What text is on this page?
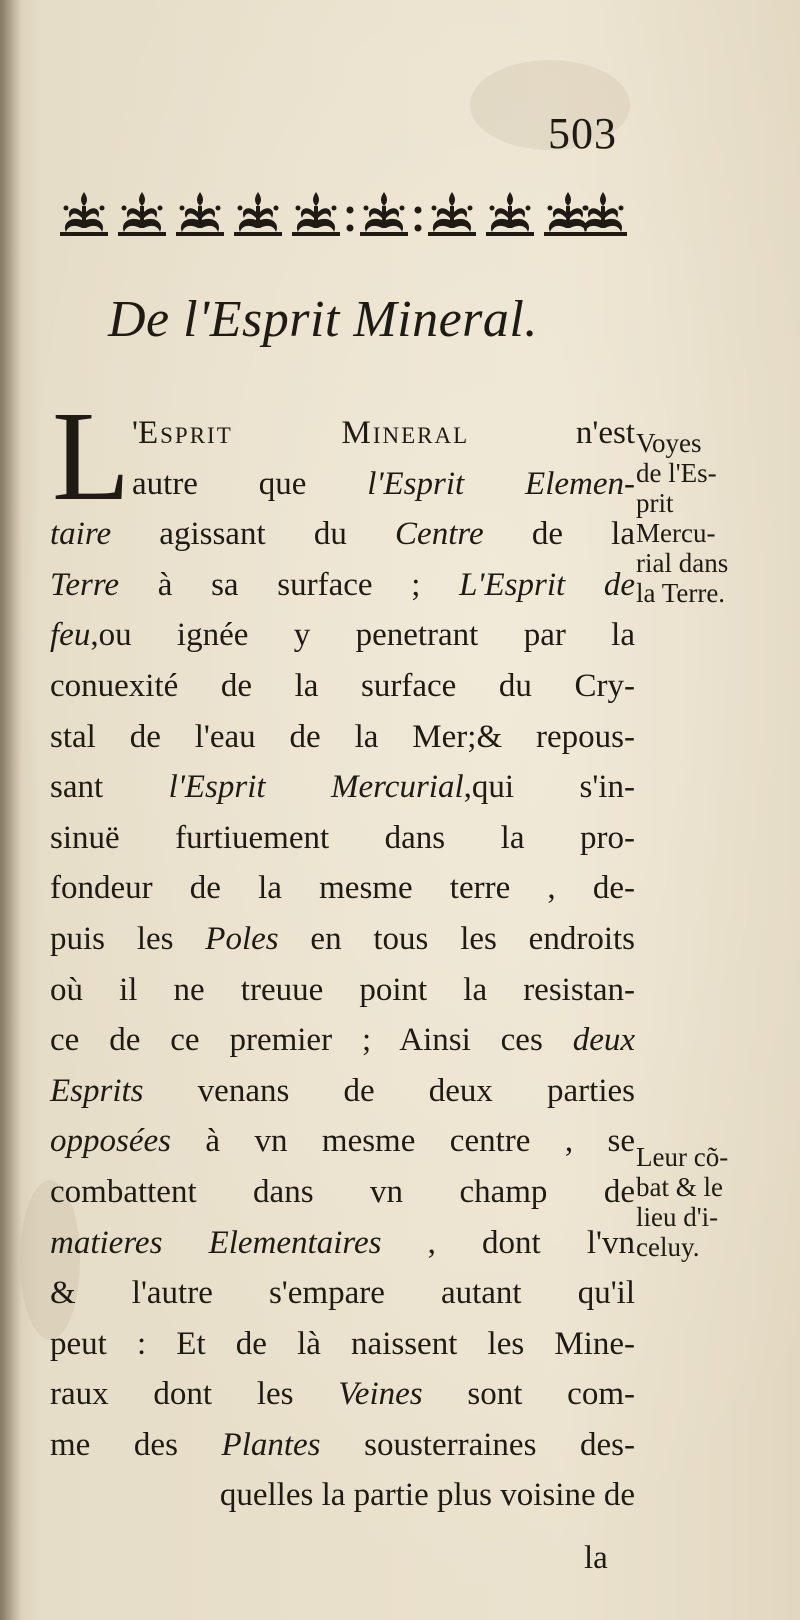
503
De l'Esprit Mineral.
L 'Esprit Mineral n'est
autre que l'Esprit Elemen-
taire agissant du Centre de la
Terre à sa surface ; L'Esprit de
feu,ou ignée y penetrant par la
conuexité de la surface du Cry-
stal de l'eau de la Mer;& repous-
sant l'Esprit Mercurial,qui s'in-
sinuë furtiuement dans la pro-
fondeur de la mesme terre , de-
puis les Poles en tous les endroits
où il ne treuue point la resistan-
ce de ce premier ; Ainsi ces deux
Esprits venans de deux parties
opposées à vn mesme centre , se
combattent dans vn champ de
matieres Elementaires , dont l'vn
& l'autre s'empare autant qu'il
peut : Et de là naissent les Mine-
raux dont les Veines sont com-
me des Plantes sousterraines des-
quelles la partie plus voisine de
Voyes
de l'Es-
prit
Mercu-
rial dans
la Terre.
Leur cõ-
bat & le
lieu d'i-
celuy.
la
